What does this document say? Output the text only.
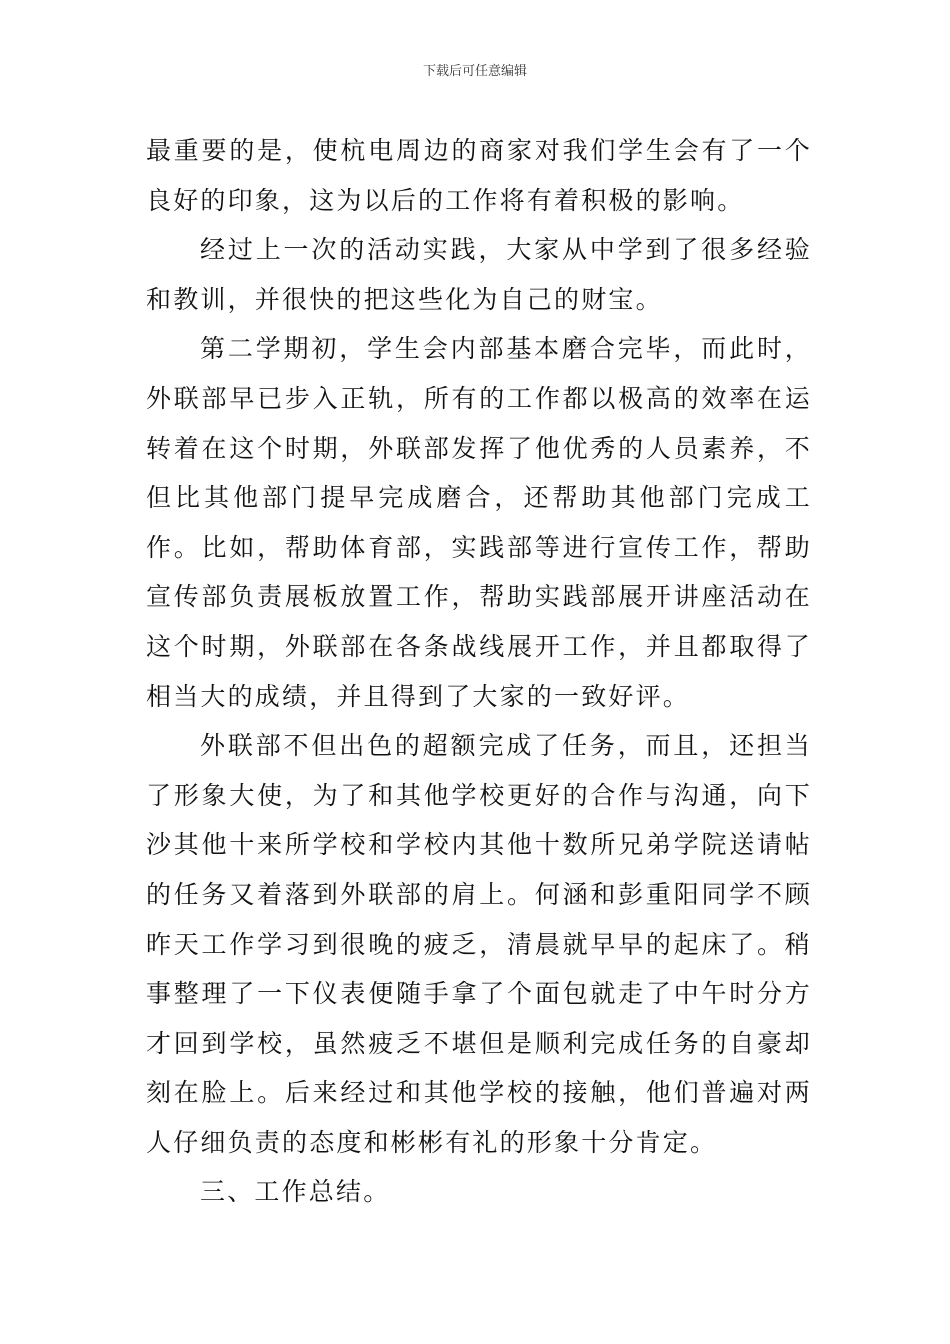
下载后可任意编辑

最重要的是，使杭电周边的商家对我们学生会有了一个良好的印象，这为以后的工作将有着积极的影响。

经过上一次的活动实践，大家从中学到了很多经验和教训，并很快的把这些化为自己的财宝。

第二学期初，学生会内部基本磨合完毕，而此时，外联部早已步入正轨，所有的工作都以极高的效率在运转着在这个时期，外联部发挥了他优秀的人员素养，不但比其他部门提早完成磨合，还帮助其他部门完成工作。比如，帮助体育部，实践部等进行宣传工作，帮助宣传部负责展板放置工作，帮助实践部展开讲座活动在这个时期，外联部在各条战线展开工作，并且都取得了相当大的成绩，并且得到了大家的一致好评。

外联部不但出色的超额完成了任务，而且，还担当了形象大使，为了和其他学校更好的合作与沟通，向下沙其他十来所学校和学校内其他十数所兄弟学院送请帖的任务又着落到外联部的肩上。何涵和彭重阳同学不顾昨天工作学习到很晚的疲乏，清晨就早早的起床了。稍事整理了一下仪表便随手拿了个面包就走了中午时分方才回到学校，虽然疲乏不堪但是顺利完成任务的自豪却刻在脸上。后来经过和其他学校的接触，他们普遍对两人仔细负责的态度和彬彬有礼的形象十分肯定。

三、工作总结。
